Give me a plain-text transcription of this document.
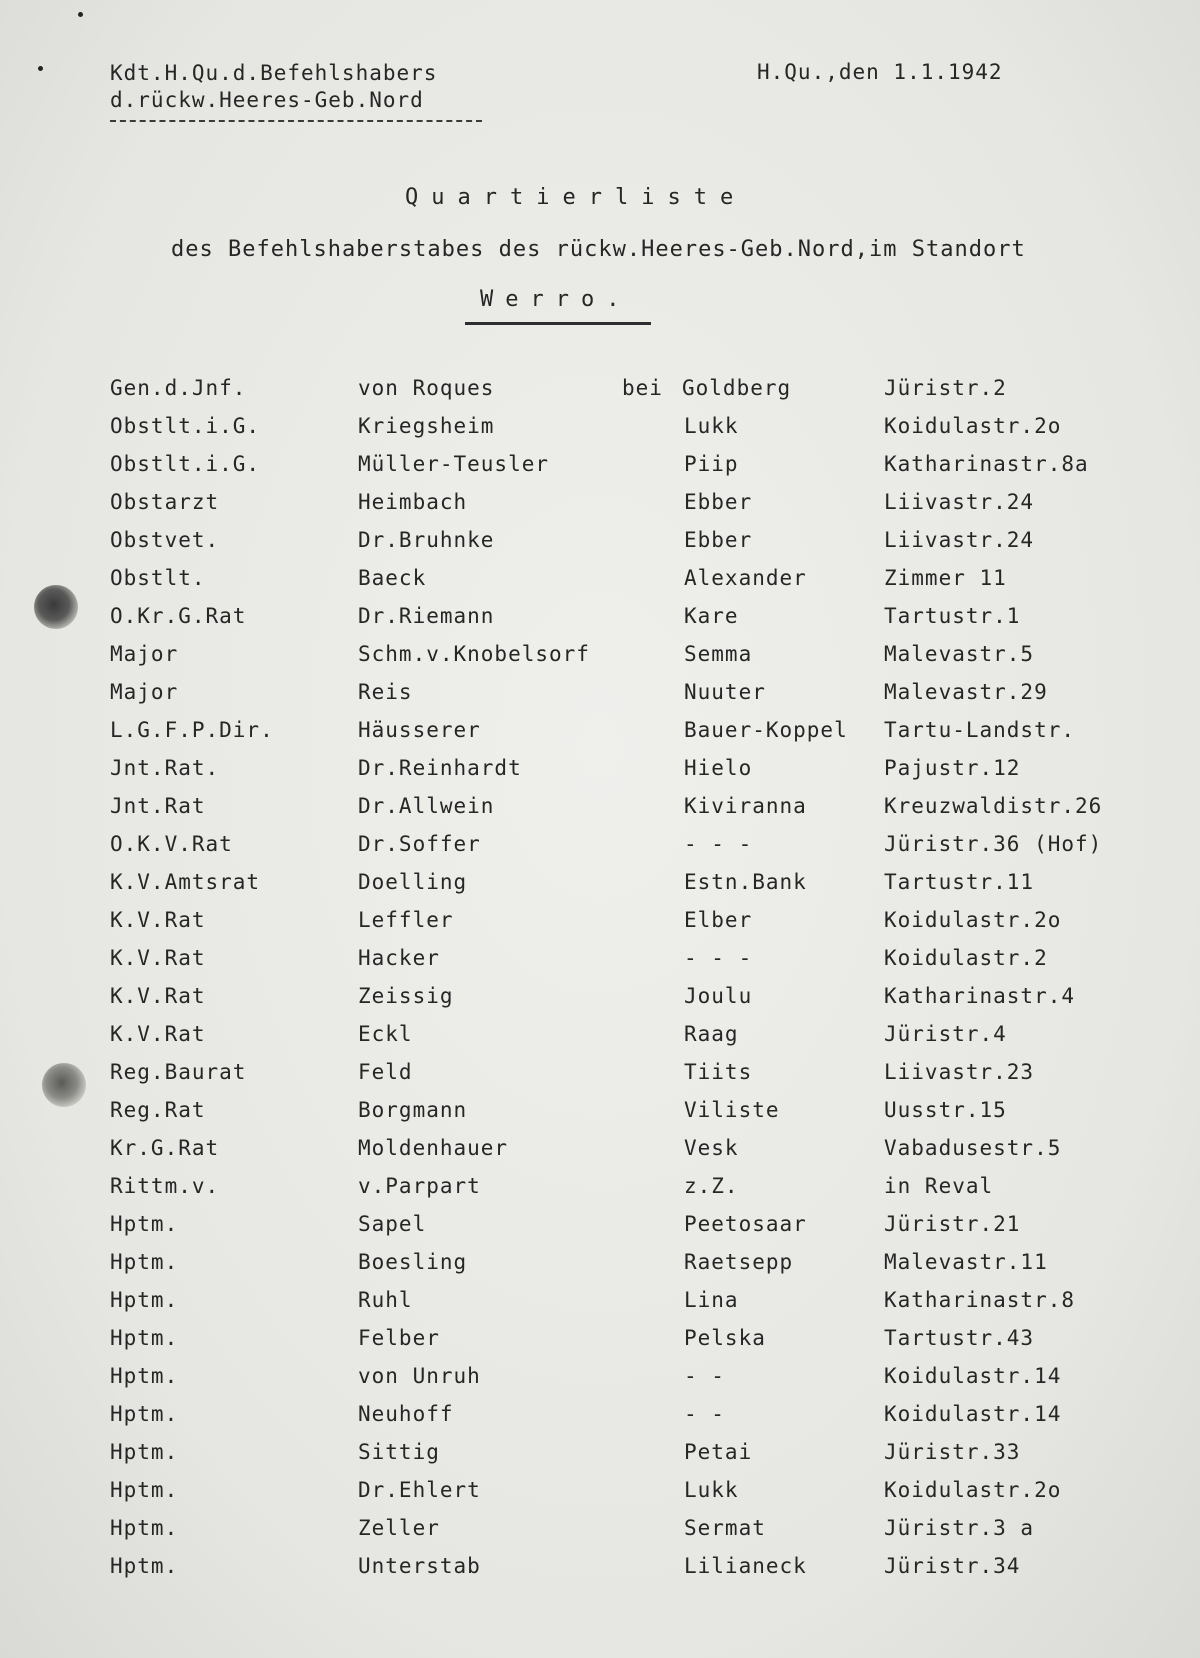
Kdt.H.Qu.d.Befehlshabers
d.rückw.Heeres-Geb.Nord
H.Qu.,den 1.1.1942
Quartierliste
des Befehlshaberstabes des rückw.Heeres-Geb.Nord,im Standort
Werro.
Gen.d.Jnf.	von Roques	bei Goldberg	Jüristr.2
Obstlt.i.G.	Kriegsheim	Lukk	Koidulastr.2o
Obstlt.i.G.	Müller-Teusler	Piip	Katharinastr.8a
Obstarzt	Heimbach	Ebber	Liivastr.24
Obstvet.	Dr.Bruhnke	Ebber	Liivastr.24
Obstlt.	Baeck	Alexander	Zimmer 11
O.Kr.G.Rat	Dr.Riemann	Kare	Tartustr.1
Major	Schm.v.Knobelsorf	Semma	Malevastr.5
Major	Reis	Nuuter	Malevastr.29
L.G.F.P.Dir.	Häusserer	Bauer-Koppel Tartu-Landstr.
Jnt.Rat.	Dr.Reinhardt	Hielo	Pajustr.12
Jnt.Rat	Dr.Allwein	Kiviranna	Kreuzwaldistr.26
O.K.V.Rat	Dr.Soffer	- - -	Jüristr.36 (Hof)
K.V.Amtsrat	Doelling	Estn.Bank	Tartustr.11
K.V.Rat	Leffler	Elber	Koidulastr.2o
K.V.Rat	Hacker	- - -	Koidulastr.2
K.V.Rat	Zeissig	Joulu	Katharinastr.4
K.V.Rat	Eckl	Raag	Jüristr.4
Reg.Baurat	Feld	Tiits	Liivastr.23
Reg.Rat	Borgmann	Viliste	Uusstr.15
Kr.G.Rat	Moldenhauer	Vesk	Vabadusestr.5
Rittm.v.	v.Parpart	z.Z.	in Reval
Hptm.	Sapel	Peetosaar	Jüristr.21
Hptm.	Boesling	Raetsepp	Malevastr.11
Hptm.	Ruhl	Lina	Katharinastr.8
Hptm.	Felber	Pelska	Tartustr.43
Hptm.	von Unruh	- -	Koidulastr.14
Hptm.	Neuhoff	- -	Koidulastr.14
Hptm.	Sittig	Petai	Jüristr.33
Hptm.	Dr.Ehlert	Lukk	Koidulastr.2o
Hptm.	Zeller	Sermat	Jüristr.3 a
Hptm.	Unterstab	Lilianeck	Jüristr.34
